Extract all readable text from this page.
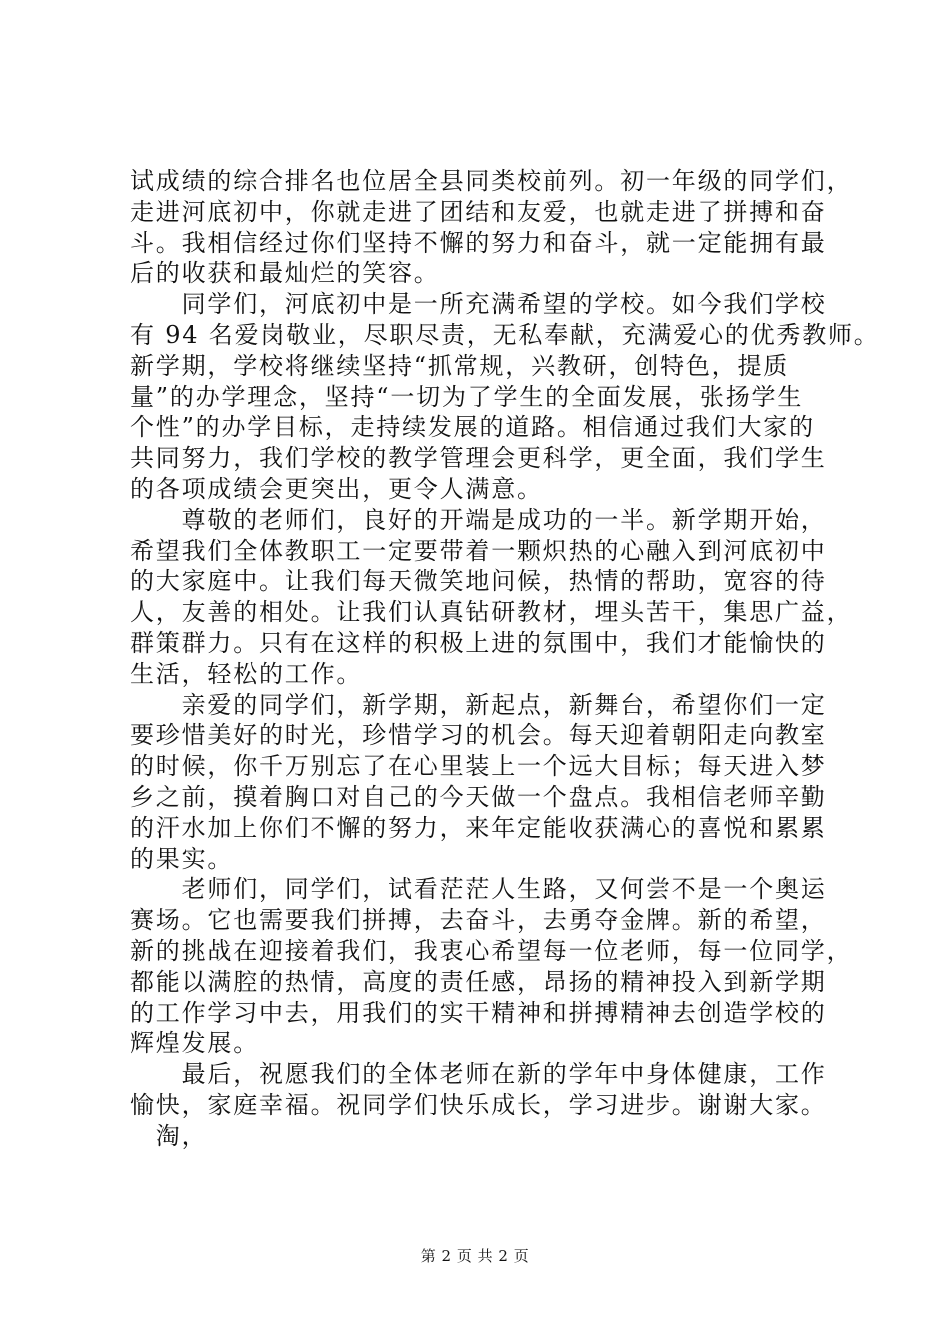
试成绩的综合排名也位居全县同类校前列。初一年级的同学们，
走进河底初中，你就走进了团结和友爱，也就走进了拼搏和奋
斗。我相信经过你们坚持不懈的努力和奋斗，就一定能拥有最
后的收获和最灿烂的笑容。
　　同学们，河底初中是一所充满希望的学校。如今我们学校
有 94 名爱岗敬业，尽职尽责，无私奉献，充满爱心的优秀教师。
新学期，学校将继续坚持“抓常规，兴教研，创特色，提质
量”的办学理念，坚持“一切为了学生的全面发展，张扬学生
个性”的办学目标，走持续发展的道路。相信通过我们大家的
共同努力，我们学校的教学管理会更科学，更全面，我们学生
的各项成绩会更突出，更令人满意。
　　尊敬的老师们，良好的开端是成功的一半。新学期开始，
希望我们全体教职工一定要带着一颗炽热的心融入到河底初中
的大家庭中。让我们每天微笑地问候，热情的帮助，宽容的待
人，友善的相处。让我们认真钻研教材，埋头苦干，集思广益，
群策群力。只有在这样的积极上进的氛围中，我们才能愉快的
生活，轻松的工作。
　　亲爱的同学们，新学期，新起点，新舞台，希望你们一定
要珍惜美好的时光，珍惜学习的机会。每天迎着朝阳走向教室
的时候，你千万别忘了在心里装上一个远大目标；每天进入梦
乡之前，摸着胸口对自己的今天做一个盘点。我相信老师辛勤
的汗水加上你们不懈的努力，来年定能收获满心的喜悦和累累
的果实。
　　老师们，同学们，试看茫茫人生路，又何尝不是一个奥运
赛场。它也需要我们拼搏，去奋斗，去勇夺金牌。新的希望，
新的挑战在迎接着我们，我衷心希望每一位老师，每一位同学，
都能以满腔的热情，高度的责任感，昂扬的精神投入到新学期
的工作学习中去，用我们的实干精神和拼搏精神去创造学校的
辉煌发展。
　　最后，祝愿我们的全体老师在新的学年中身体健康，工作
愉快，家庭幸福。祝同学们快乐成长，学习进步。谢谢大家。
　淘，
第 2 页 共 2 页
